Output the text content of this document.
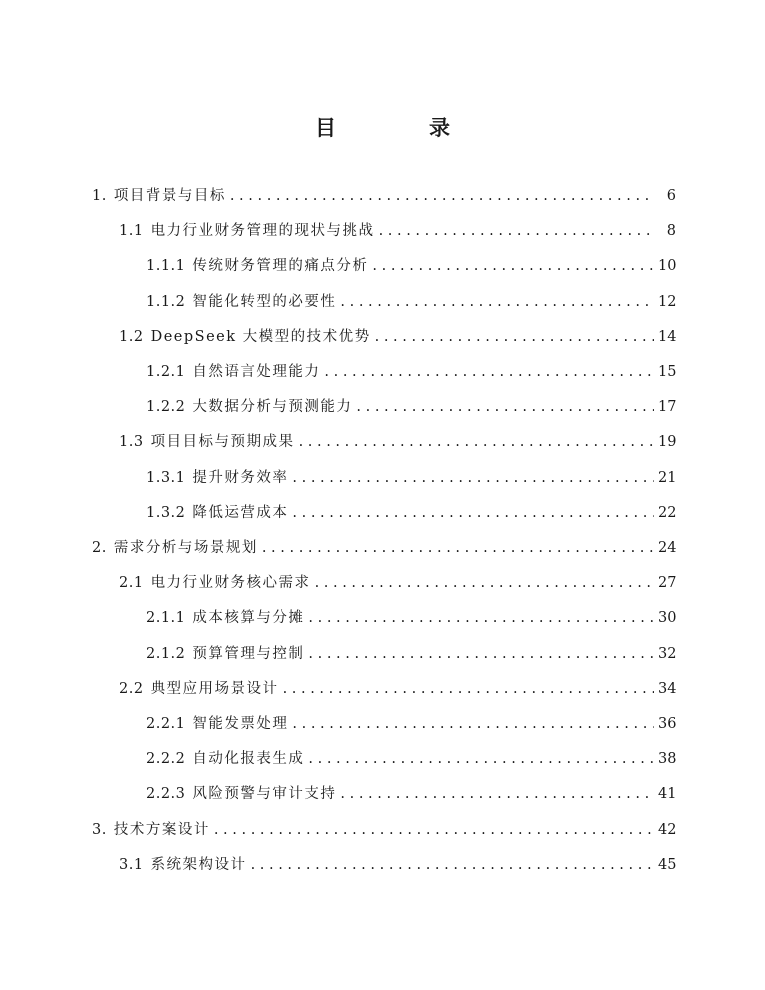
目　录
1. 项目背景与目标 . . .	6
1.1 电力行业财务管理的现状与挑战 . . .	8
1.1.1 传统财务管理的痛点分析 . . .	10
1.1.2 智能化转型的必要性 . . .	12
1.2 DeepSeek 大模型的技术优势 . . .	14
1.2.1 自然语言处理能力 . . .	15
1.2.2 大数据分析与预测能力 . . .	17
1.3 项目目标与预期成果 . . .	19
1.3.1 提升财务效率 . . .	21
1.3.2 降低运营成本 . . .	22
2. 需求分析与场景规划 . . .	24
2.1 电力行业财务核心需求 . . .	27
2.1.1 成本核算与分摊 . . .	30
2.1.2 预算管理与控制 . . .	32
2.2 典型应用场景设计 . . .	34
2.2.1 智能发票处理 . . .	36
2.2.2 自动化报表生成 . . .	38
2.2.3 风险预警与审计支持 . . .	41
3. 技术方案设计 . . .	42
3.1 系统架构设计 . . .	45
